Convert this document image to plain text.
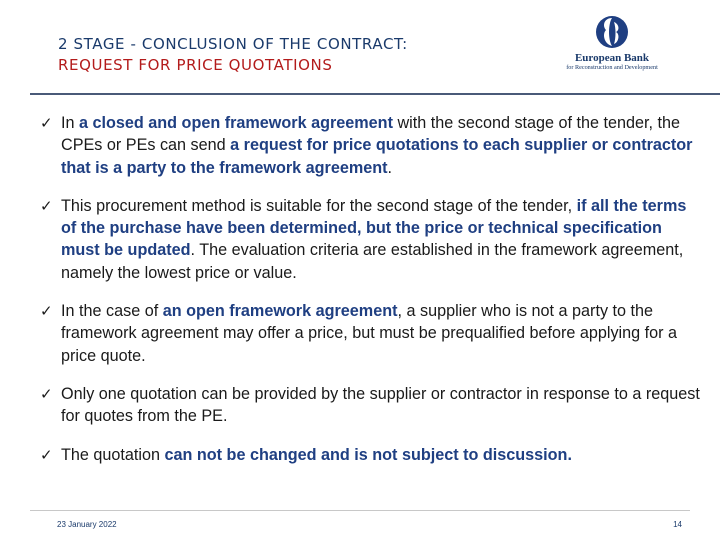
2 STAGE - CONCLUSION OF THE CONTRACT:
REQUEST FOR PRICE QUOTATIONS	European Bank
for Reconstruction and Development
✓ In a closed and open framework agreement with the second stage of the tender, the CPEs or PEs can send a request for price quotations to each supplier or contractor that is a party to the framework agreement.
✓ This procurement method is suitable for the second stage of the tender, if all the terms of the purchase have been determined, but the price or technical specification must be updated. The evaluation criteria are established in the framework agreement, namely the lowest price or value.
✓ In the case of an open framework agreement, a supplier who is not a party to the framework agreement may offer a price, but must be prequalified before applying for a price quote.
✓ Only one quotation can be provided by the supplier or contractor in response to a request for quotes from the PE.
✓ The quotation can not be changed and is not subject to discussion.
23 January 2022	14
